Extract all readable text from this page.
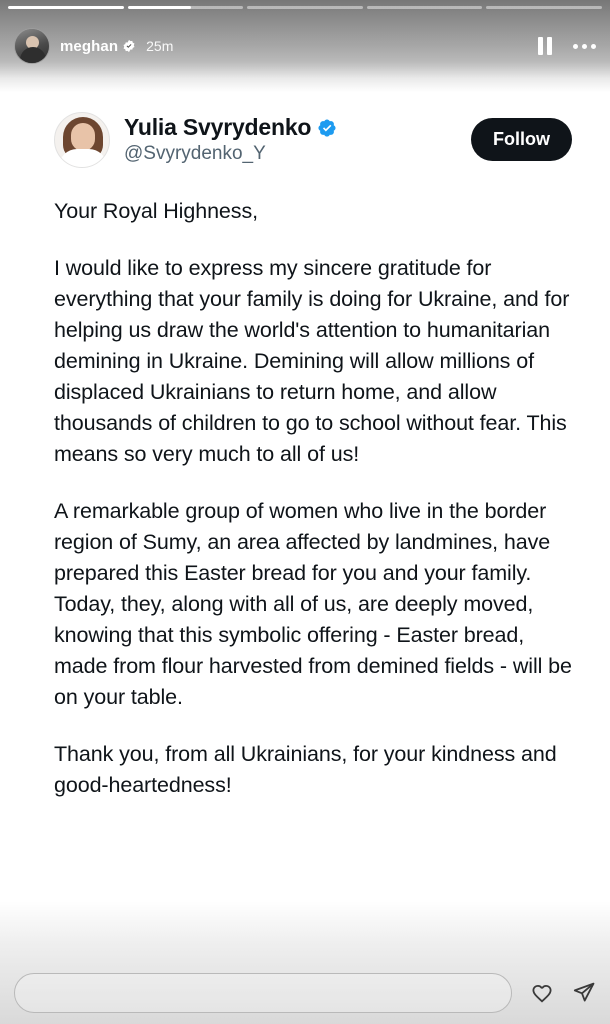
meghan 25m
Yulia Svyrydenko
@Svyrydenko_Y
Follow

Your Royal Highness,

I would like to express my sincere gratitude for everything that your family is doing for Ukraine, and for helping us draw the world's attention to humanitarian demining in Ukraine. Demining will allow millions of displaced Ukrainians to return home, and allow thousands of children to go to school without fear. This means so very much to all of us!

A remarkable group of women who live in the border region of Sumy, an area affected by landmines, have prepared this Easter bread for you and your family. Today, they, along with all of us, are deeply moved, knowing that this symbolic offering - Easter bread, made from flour harvested from demined fields - will be on your table.

Thank you, from all Ukrainians, for your kindness and good-heartedness!
